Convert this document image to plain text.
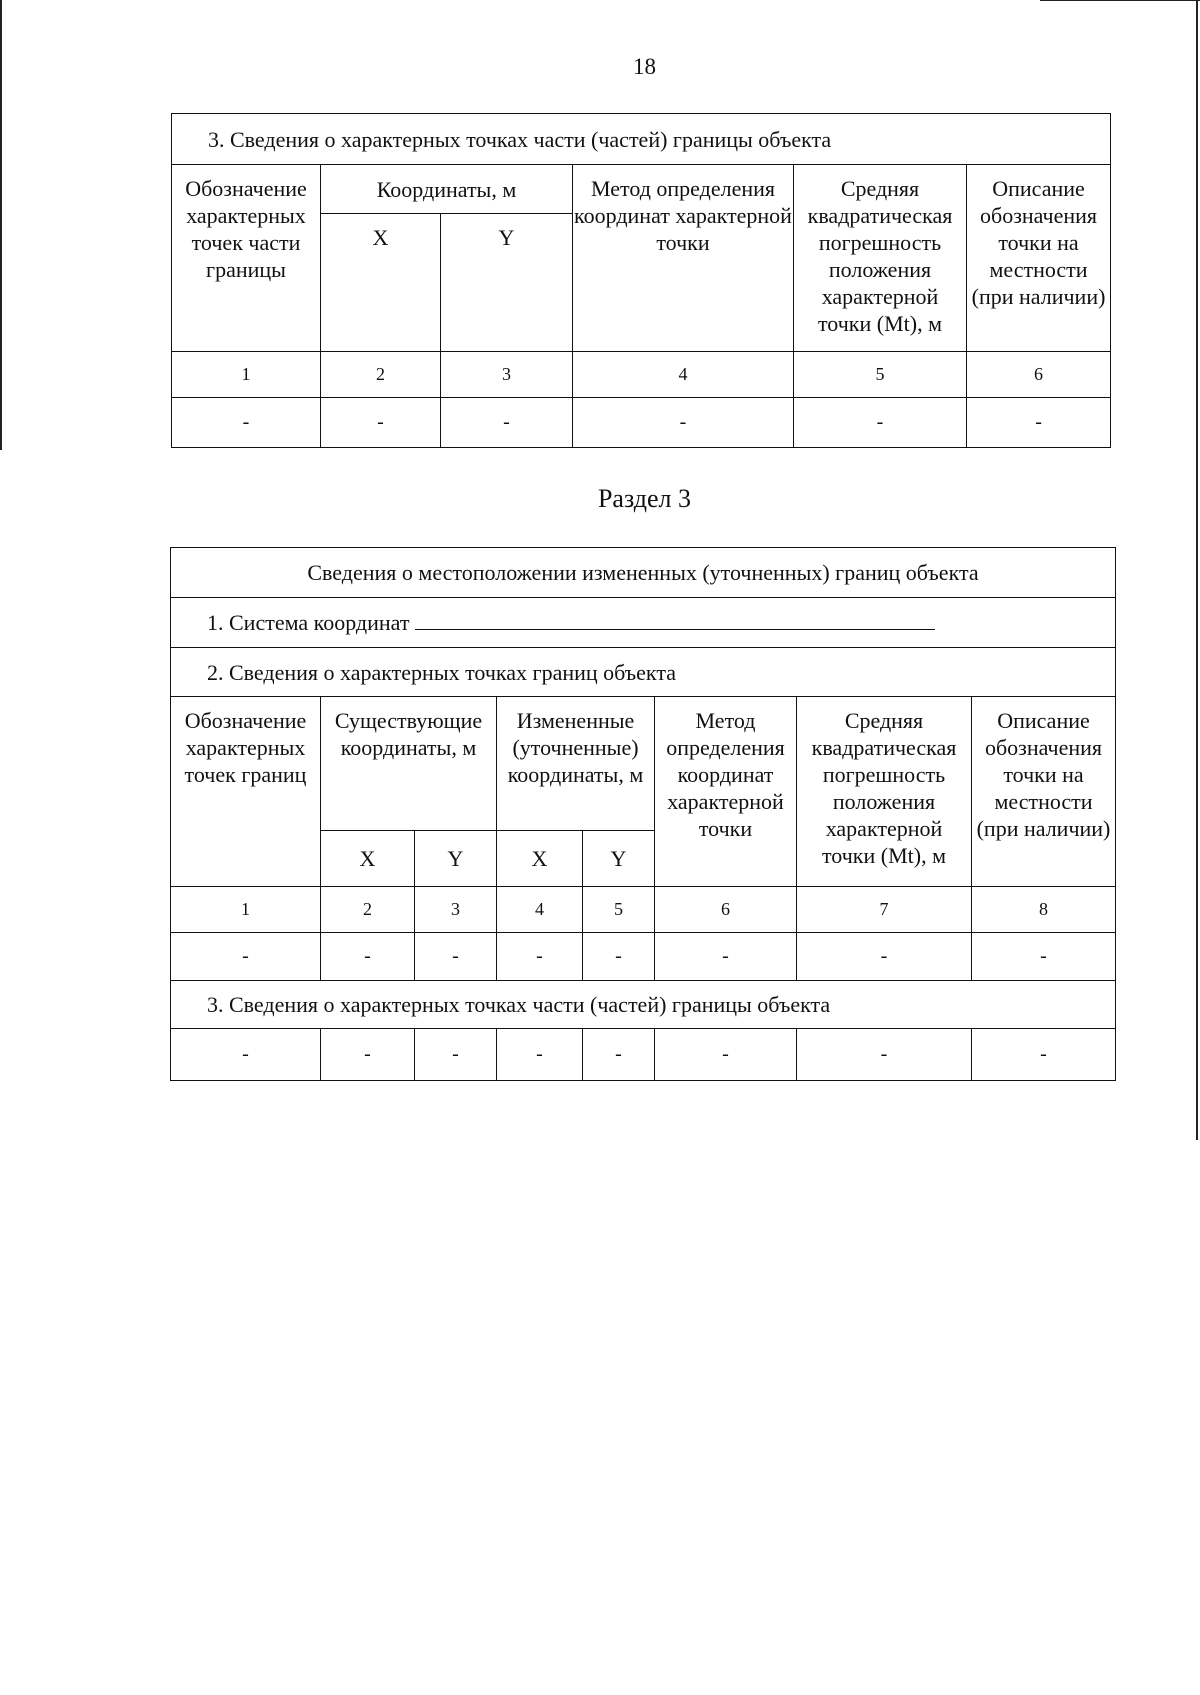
18
3. Сведения о характерных точках части (частей) границы объекта					
Обозначение характерных точек части границы	Координаты, м		Метод определения координат характерной точки	Средняя квадратическая погрешность положения характерной точки (Mt), м	Описание обозначения точки на местности (при наличии)
	X	Y			
1	2	3	4	5	6
-	-	-	-	-	-
Раздел 3
Сведения о местоположении измененных (уточненных) границ объекта							
1. Система координат							
2. Сведения о характерных точках границ объекта							
Обозначение характерных точек границ	Существующие координаты, м		Измененные (уточненные) координаты, м		Метод определения координат характерной точки	Средняя квадратическая погрешность положения характерной точки (Mt), м	Описание обозначения точки на местности (при наличии)
	X	Y	X	Y			
1	2	3	4	5	6	7	8
-	-	-	-	-	-	-	-
3. Сведения о характерных точках части (частей) границы объекта							
-	-	-	-	-	-	-	-
